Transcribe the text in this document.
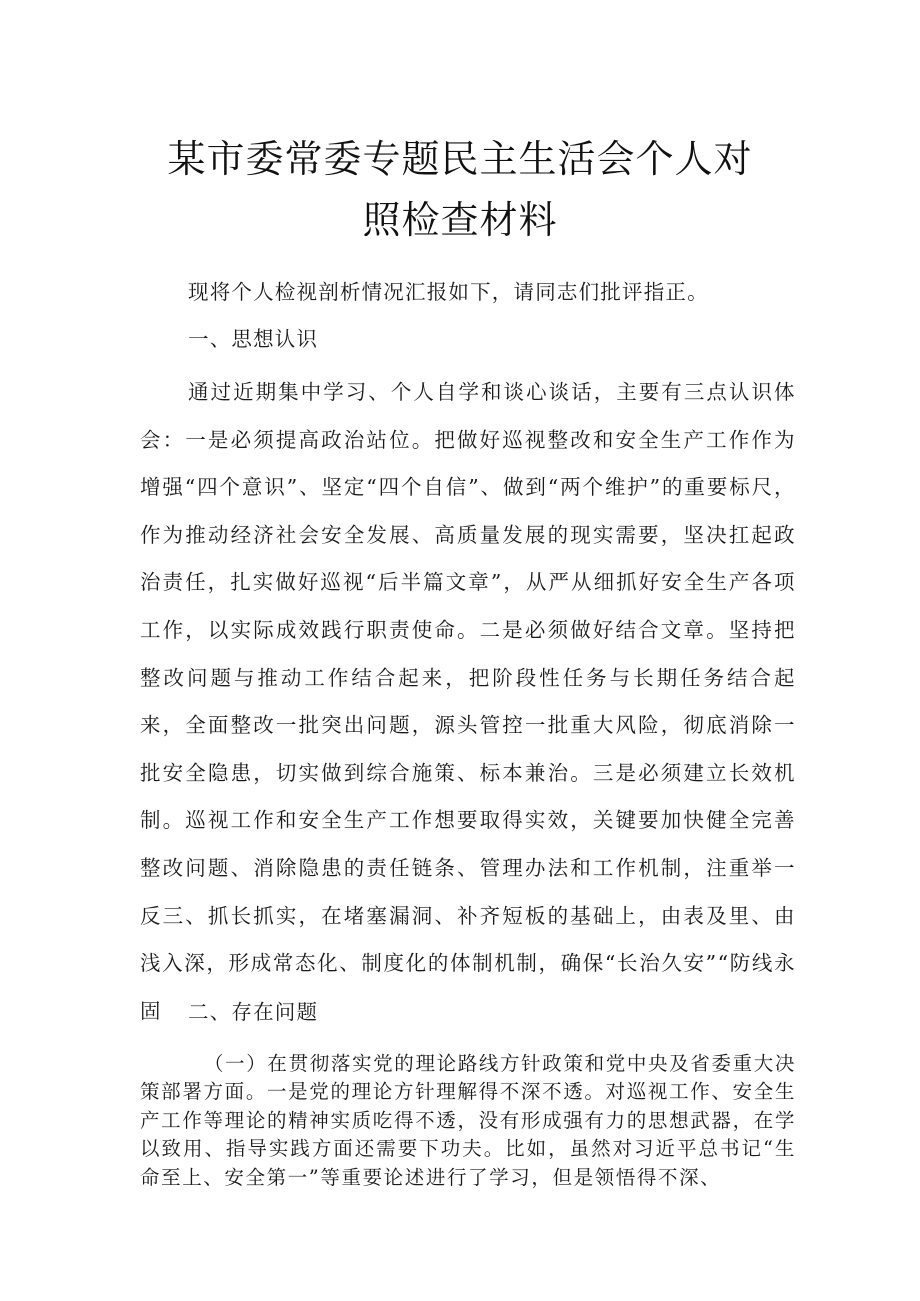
某市委常委专题民主生活会个人对
照检查材料

现将个人检视剖析情况汇报如下，请同志们批评指正。

一、思想认识

通过近期集中学习、个人自学和谈心谈话，主要有三点认识体会：一是必须提高政治站位。把做好巡视整改和安全生产工作作为增强“四个意识”、坚定“四个自信”、做到“两个维护”的重要标尺，作为推动经济社会安全发展、高质量发展的现实需要，坚决扛起政治责任，扎实做好巡视“后半篇文章”，从严从细抓好安全生产各项工作，以实际成效践行职责使命。二是必须做好结合文章。坚持把整改问题与推动工作结合起来，把阶段性任务与长期任务结合起来，全面整改一批突出问题，源头管控一批重大风险，彻底消除一批安全隐患，切实做到综合施策、标本兼治。三是必须建立长效机制。巡视工作和安全生产工作想要取得实效，关键要加快健全完善整改问题、消除隐患的责任链条、管理办法和工作机制，注重举一反三、抓长抓实，在堵塞漏洞、补齐短板的基础上，由表及里、由浅入深，形成常态化、制度化的体制机制，确保“长治久安”“防线永固	二、存在问题

（一）在贯彻落实党的理论路线方针政策和党中央及省委重大决策部署方面。一是党的理论方针理解得不深不透。对巡视工作、安全生产工作等理论的精神实质吃得不透，没有形成强有力的思想武器，在学以致用、指导实践方面还需要下功夫。比如，虽然对习近平总书记“生命至上、安全第一”等重要论述进行了学习，但是领悟得不深、
